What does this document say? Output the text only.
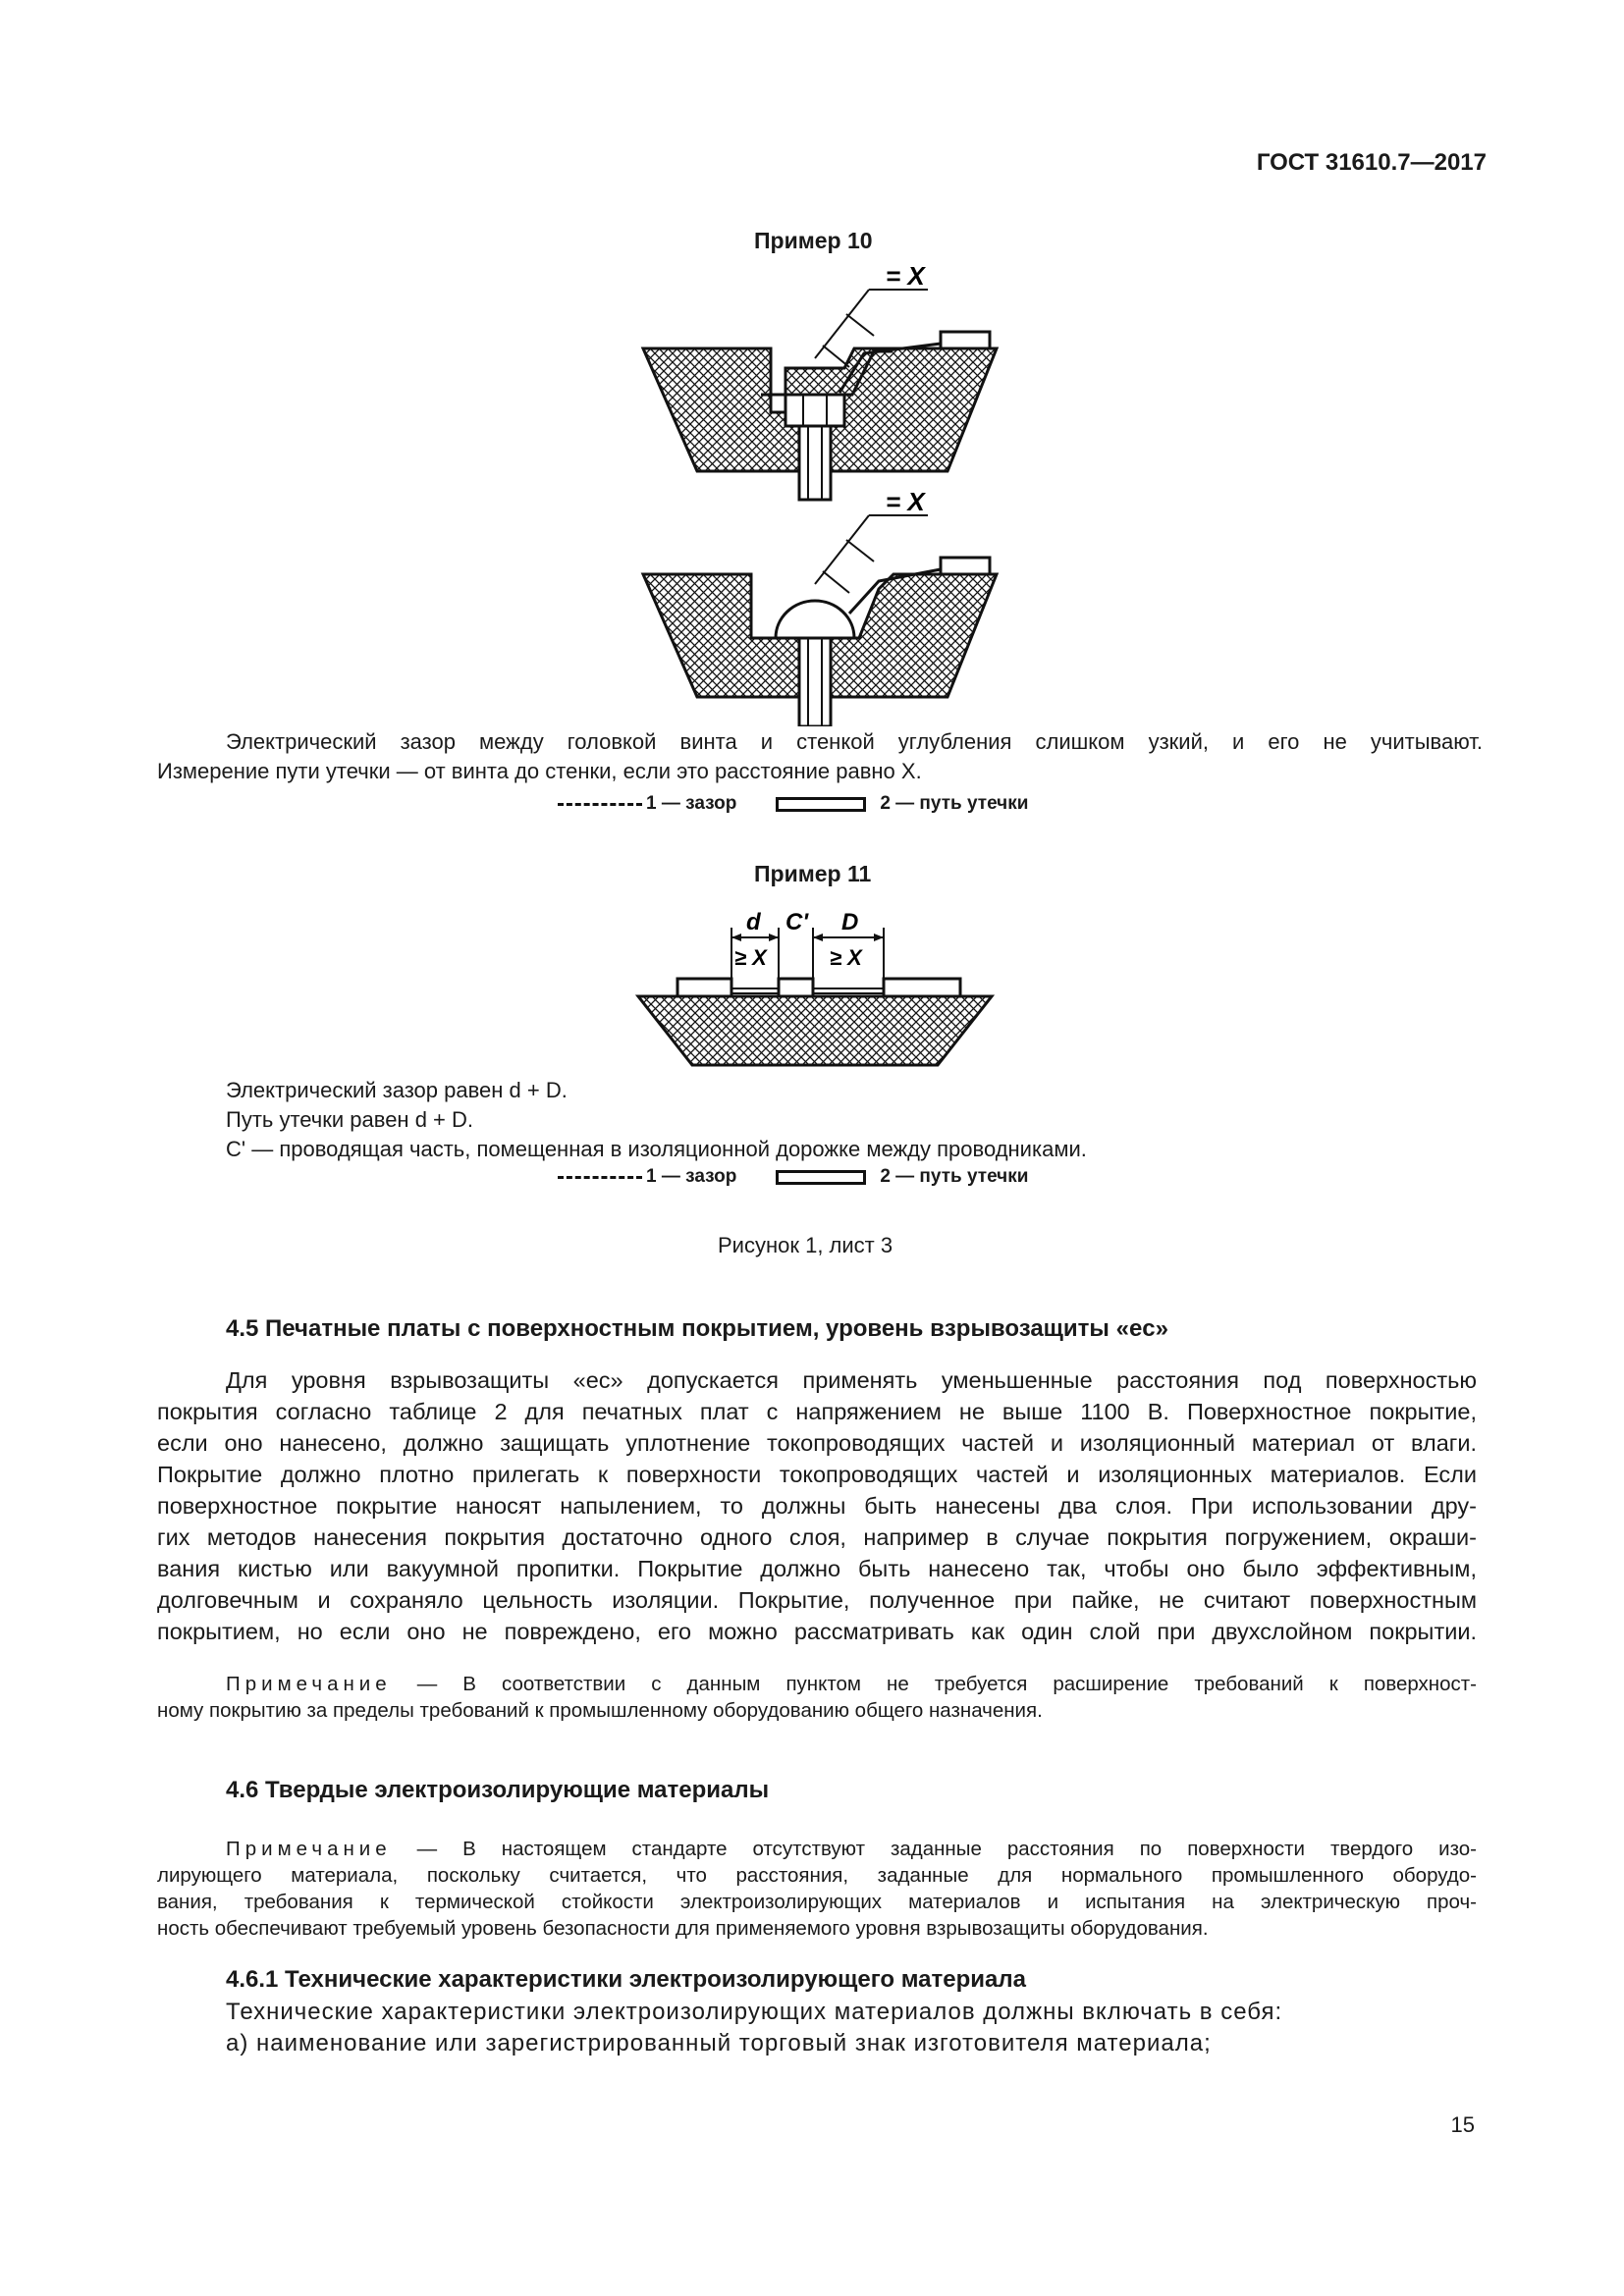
ГОСТ 31610.7—2017
Пример 10
= X
= X
Электрический зазор между головкой винта и стенкой углубления слишком узкий, и его не учитывают.
Измерение пути утечки — от винта до стенки, если это расстояние равно X.
1 — зазор	2 — путь утечки
Пример 11
d C' D
≥ X	≥ X
Электрический зазор равен d + D.
Путь утечки равен d + D.
C' — проводящая часть, помещенная в изоляционной дорожке между проводниками.
1 — зазор	2 — путь утечки
Рисунок 1, лист 3
4.5 Печатные платы с поверхностным покрытием, уровень взрывозащиты «ec»
Для уровня взрывозащиты «ec» допускается применять уменьшенные расстояния под поверхностью
покрытия согласно таблице 2 для печатных плат с напряжением не выше 1100 В. Поверхностное покрытие,
если оно нанесено, должно защищать уплотнение токопроводящих частей и изоляционный материал от влаги.
Покрытие должно плотно прилегать к поверхности токопроводящих частей и изоляционных материалов. Если
поверхностное покрытие наносят напылением, то должны быть нанесены два слоя. При использовании дру-
гих методов нанесения покрытия достаточно одного слоя, например в случае покрытия погружением, окраши-
вания кистью или вакуумной пропитки. Покрытие должно быть нанесено так, чтобы оно было эффективным,
долговечным и сохраняло цельность изоляции. Покрытие, полученное при пайке, не считают поверхностным
покрытием, но если оно не повреждено, его можно рассматривать как один слой при двухслойном покрытии.
Примечание — В соответствии с данным пунктом не требуется расширение требований к поверхност-
ному покрытию за пределы требований к промышленному оборудованию общего назначения.
4.6 Твердые электроизолирующие материалы
Примечание — В настоящем стандарте отсутствуют заданные расстояния по поверхности твердого изо-
лирующего материала, поскольку считается, что расстояния, заданные для нормального промышленного оборудо-
вания, требования к термической стойкости электроизолирующих материалов и испытания на электрическую проч-
ность обеспечивают требуемый уровень безопасности для применяемого уровня взрывозащиты оборудования.
4.6.1 Технические характеристики электроизолирующего материала
Технические характеристики электроизолирующих материалов должны включать в себя:
а) наименование или зарегистрированный торговый знак изготовителя материала;
15
